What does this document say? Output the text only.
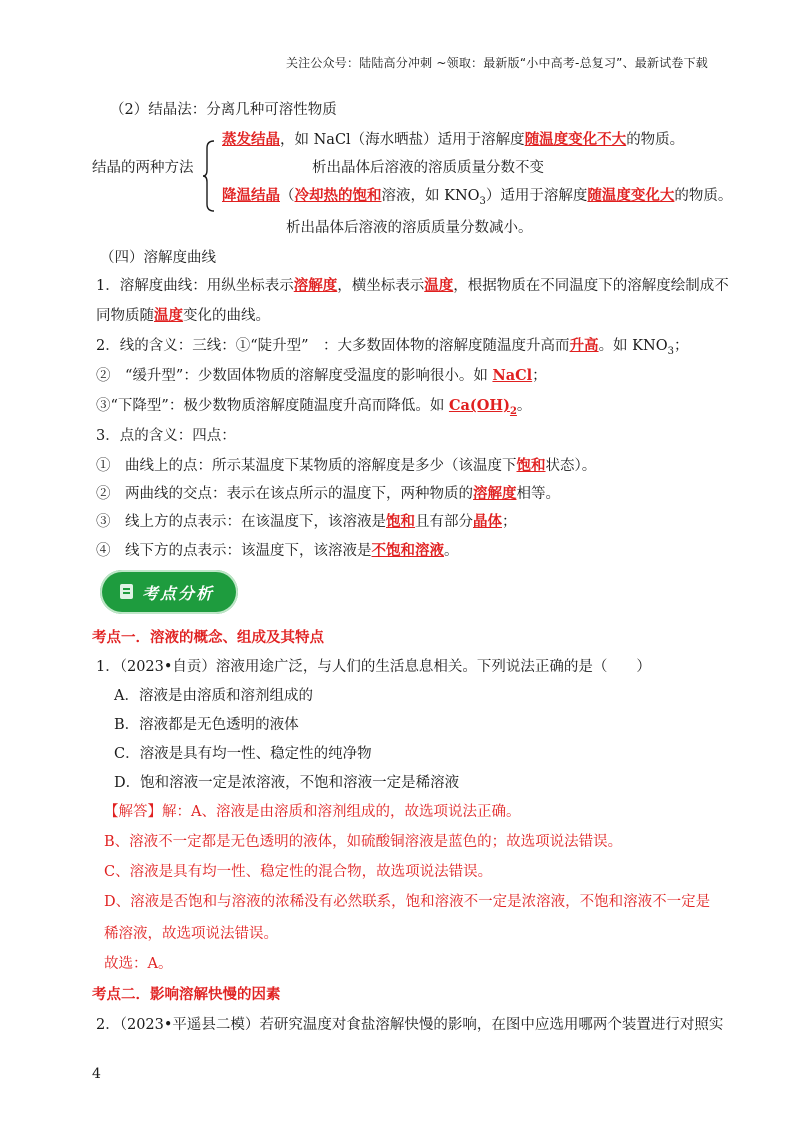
关注公众号：陆陆高分冲刺 ~领取：最新版“小中高考-总复习”、最新试卷下载
（2）结晶法：分离几种可溶性物质
结晶的两种方法
蒸发结晶，如 NaCl（海水晒盐）适用于溶解度随温度变化不大的物质。
析出晶体后溶液的溶质质量分数不变
降温结晶（冷却热的饱和溶液，如 $KNO_3$）适用于溶解度随温度变化大的物质。
析出晶体后溶液的溶质质量分数减小。
（四）溶解度曲线
1．溶解度曲线：用纵坐标表示溶解度，横坐标表示温度，根据物质在不同温度下的溶解度绘制成不
同物质随温度变化的曲线。
2．线的含义：三线：①“陡升型”　：大多数固体物的溶解度随温度升高而升高。如 $KNO_3$；
②　“缓升型”：少数固体物质的溶解度受温度的影响很小。如 NaCl；
③“下降型”：极少数物质溶解度随温度升高而降低。如 $Ca(OH)_2$。
3．点的含义：四点：
①　曲线上的点：所示某温度下某物质的溶解度是多少（该温度下饱和状态）。
②　两曲线的交点：表示在该点所示的温度下，两种物质的溶解度相等。
③　线上方的点表示：在该温度下，该溶液是饱和且有部分晶体；
④　线下方的点表示：该温度下，该溶液是不饱和溶液。
考点分析
考点一．溶液的概念、组成及其特点
1．（2023•自贡）溶液用途广泛，与人们的生活息息相关。下列说法正确的是（　　）
A．溶液是由溶质和溶剂组成的
B．溶液都是无色透明的液体
C．溶液是具有均一性、稳定性的纯净物
D．饱和溶液一定是浓溶液，不饱和溶液一定是稀溶液
【解答】解：A、溶液是由溶质和溶剂组成的，故选项说法正确。
B、溶液不一定都是无色透明的液体，如硫酸铜溶液是蓝色的；故选项说法错误。
C、溶液是具有均一性、稳定性的混合物，故选项说法错误。
D、溶液是否饱和与溶液的浓稀没有必然联系，饱和溶液不一定是浓溶液，不饱和溶液不一定是
稀溶液，故选项说法错误。
故选：A。
考点二．影响溶解快慢的因素
2．（2023•平遥县二模）若研究温度对食盐溶解快慢的影响，在图中应选用哪两个装置进行对照实
4
